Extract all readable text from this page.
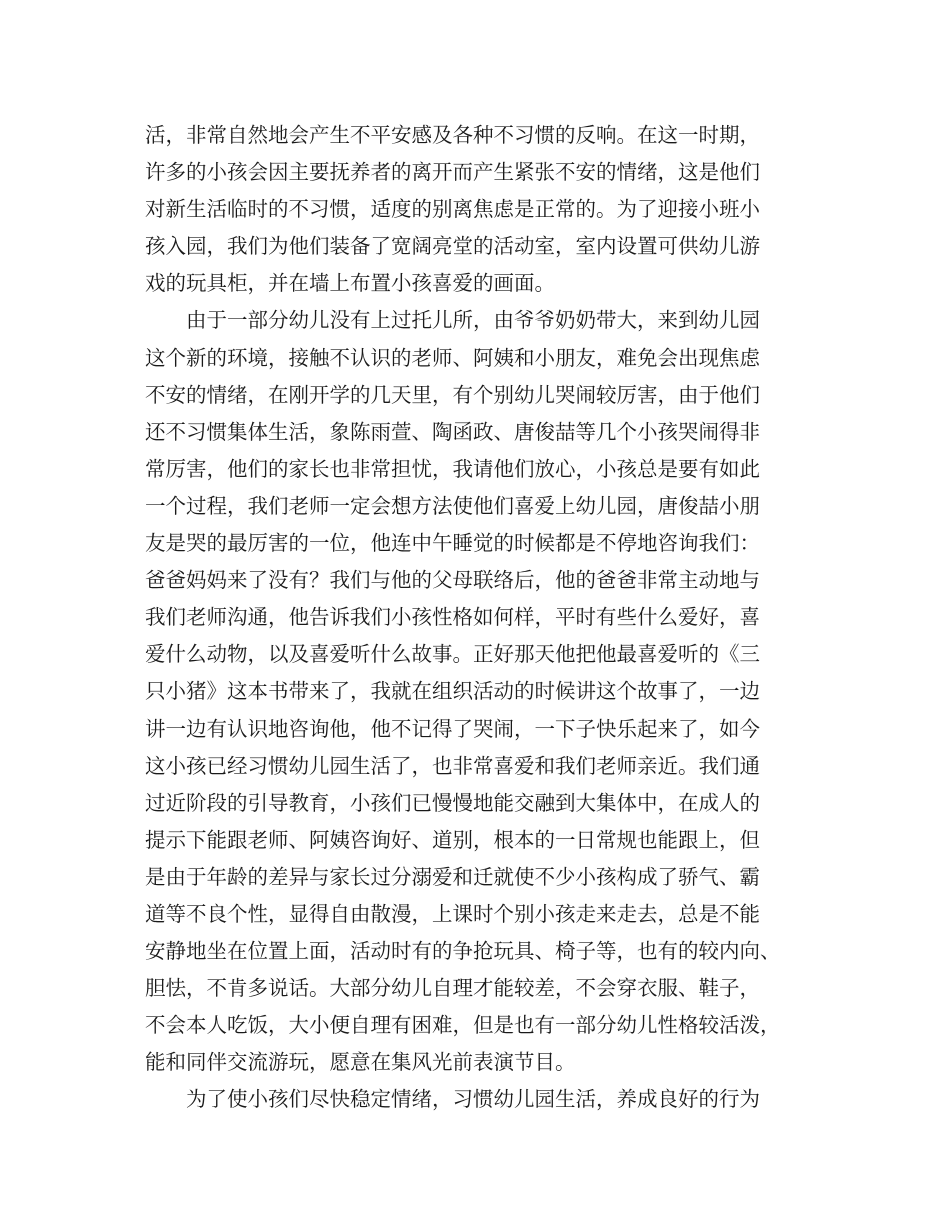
活，非常自然地会产生不平安感及各种不习惯的反响。在这一时期，
许多的小孩会因主要抚养者的离开而产生紧张不安的情绪，这是他们
对新生活临时的不习惯，适度的别离焦虑是正常的。为了迎接小班小
孩入园，我们为他们装备了宽阔亮堂的活动室，室内设置可供幼儿游
戏的玩具柜，并在墙上布置小孩喜爱的画面。
由于一部分幼儿没有上过托儿所，由爷爷奶奶带大，来到幼儿园
这个新的环境，接触不认识的老师、阿姨和小朋友，难免会出现焦虑
不安的情绪，在刚开学的几天里，有个别幼儿哭闹较厉害，由于他们
还不习惯集体生活，象陈雨萱、陶函政、唐俊喆等几个小孩哭闹得非
常厉害，他们的家长也非常担忧，我请他们放心，小孩总是要有如此
一个过程，我们老师一定会想方法使他们喜爱上幼儿园，唐俊喆小朋
友是哭的最厉害的一位，他连中午睡觉的时候都是不停地咨询我们：
爸爸妈妈来了没有？我们与他的父母联络后，他的爸爸非常主动地与
我们老师沟通，他告诉我们小孩性格如何样，平时有些什么爱好，喜
爱什么动物，以及喜爱听什么故事。正好那天他把他最喜爱听的《三
只小猪》这本书带来了，我就在组织活动的时候讲这个故事了，一边
讲一边有认识地咨询他，他不记得了哭闹，一下子快乐起来了，如今
这小孩已经习惯幼儿园生活了，也非常喜爱和我们老师亲近。我们通
过近阶段的引导教育，小孩们已慢慢地能交融到大集体中，在成人的
提示下能跟老师、阿姨咨询好、道别，根本的一日常规也能跟上，但
是由于年龄的差异与家长过分溺爱和迁就使不少小孩构成了骄气、霸
道等不良个性，显得自由散漫，上课时个别小孩走来走去，总是不能
安静地坐在位置上面，活动时有的争抢玩具、椅子等，也有的较内向、
胆怯，不肯多说话。大部分幼儿自理才能较差，不会穿衣服、鞋子，
不会本人吃饭，大小便自理有困难，但是也有一部分幼儿性格较活泼，
能和同伴交流游玩，愿意在集风光前表演节目。
为了使小孩们尽快稳定情绪，习惯幼儿园生活，养成良好的行为
